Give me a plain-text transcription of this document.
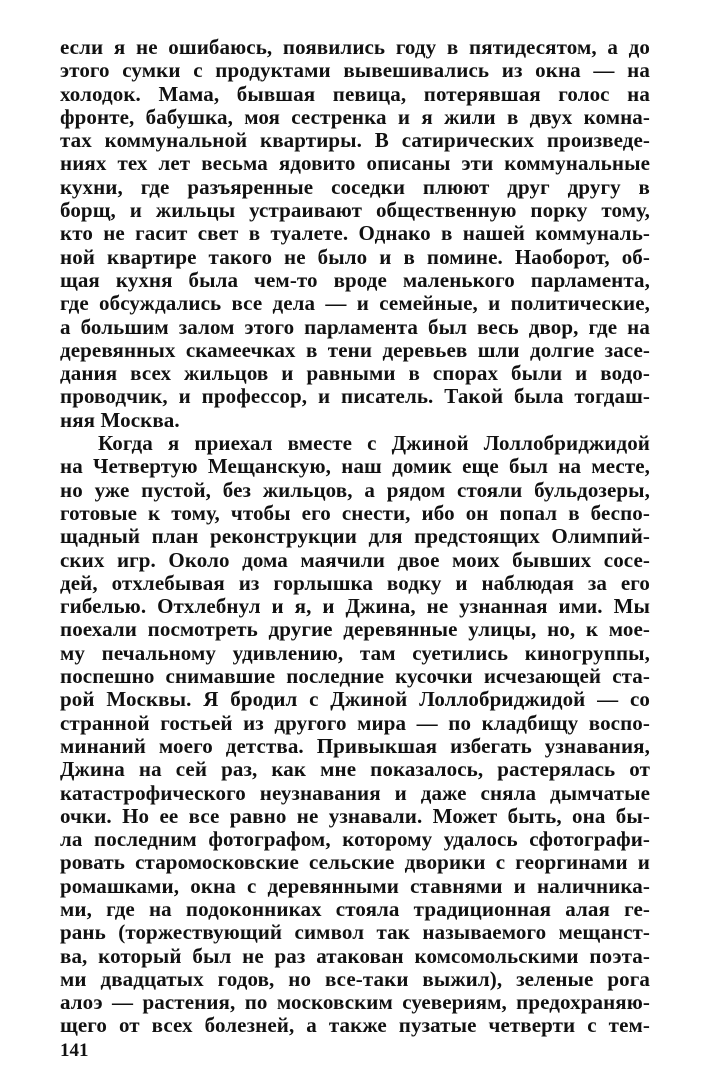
если я не ошибаюсь, появились году в пятидесятом, а до
этого сумки с продуктами вывешивались из окна — на
холодок. Мама, бывшая певица, потерявшая голос на
фронте, бабушка, моя сестренка и я жили в двух комна-
тах коммунальной квартиры. В сатирических произведе-
ниях тех лет весьма ядовито описаны эти коммунальные
кухни, где разъяренные соседки плюют друг другу в
борщ, и жильцы устраивают общественную порку тому,
кто не гасит свет в туалете. Однако в нашей коммуналь-
ной квартире такого не было и в помине. Наоборот, об-
щая кухня была чем-то вроде маленького парламента,
где обсуждались все дела — и семейные, и политические,
а большим залом этого парламента был весь двор, где на
деревянных скамеечках в тени деревьев шли долгие засе-
дания всех жильцов и равными в спорах были и водо-
проводчик, и профессор, и писатель. Такой была тогдаш-
няя Москва.
Когда я приехал вместе с Джиной Лоллобриджидой
на Четвертую Мещанскую, наш домик еще был на месте,
но уже пустой, без жильцов, а рядом стояли бульдозеры,
готовые к тому, чтобы его снести, ибо он попал в беспо-
щадный план реконструкции для предстоящих Олимпий-
ских игр. Около дома маячили двое моих бывших сосе-
дей, отхлебывая из горлышка водку и наблюдая за его
гибелью. Отхлебнул и я, и Джина, не узнанная ими. Мы
поехали посмотреть другие деревянные улицы, но, к мое-
му печальному удивлению, там суетились киногруппы,
поспешно снимавшие последние кусочки исчезающей ста-
рой Москвы. Я бродил с Джиной Лоллобриджидой — со
странной гостьей из другого мира — по кладбищу воспо-
минаний моего детства. Привыкшая избегать узнавания,
Джина на сей раз, как мне показалось, растерялась от
катастрофического неузнавания и даже сняла дымчатые
очки. Но ее все равно не узнавали. Может быть, она бы-
ла последним фотографом, которому удалось сфотографи-
ровать старомосковские сельские дворики с георгинами и
ромашками, окна с деревянными ставнями и наличника-
ми, где на подоконниках стояла традиционная алая ге-
рань (торжествующий символ так называемого мещанст-
ва, который был не раз атакован комсомольскими поэта-
ми двадцатых годов, но все-таки выжил), зеленые рога
алоэ — растения, по московским суевериям, предохраняю-
щего от всех болезней, а также пузатые четверти с тем-
141
